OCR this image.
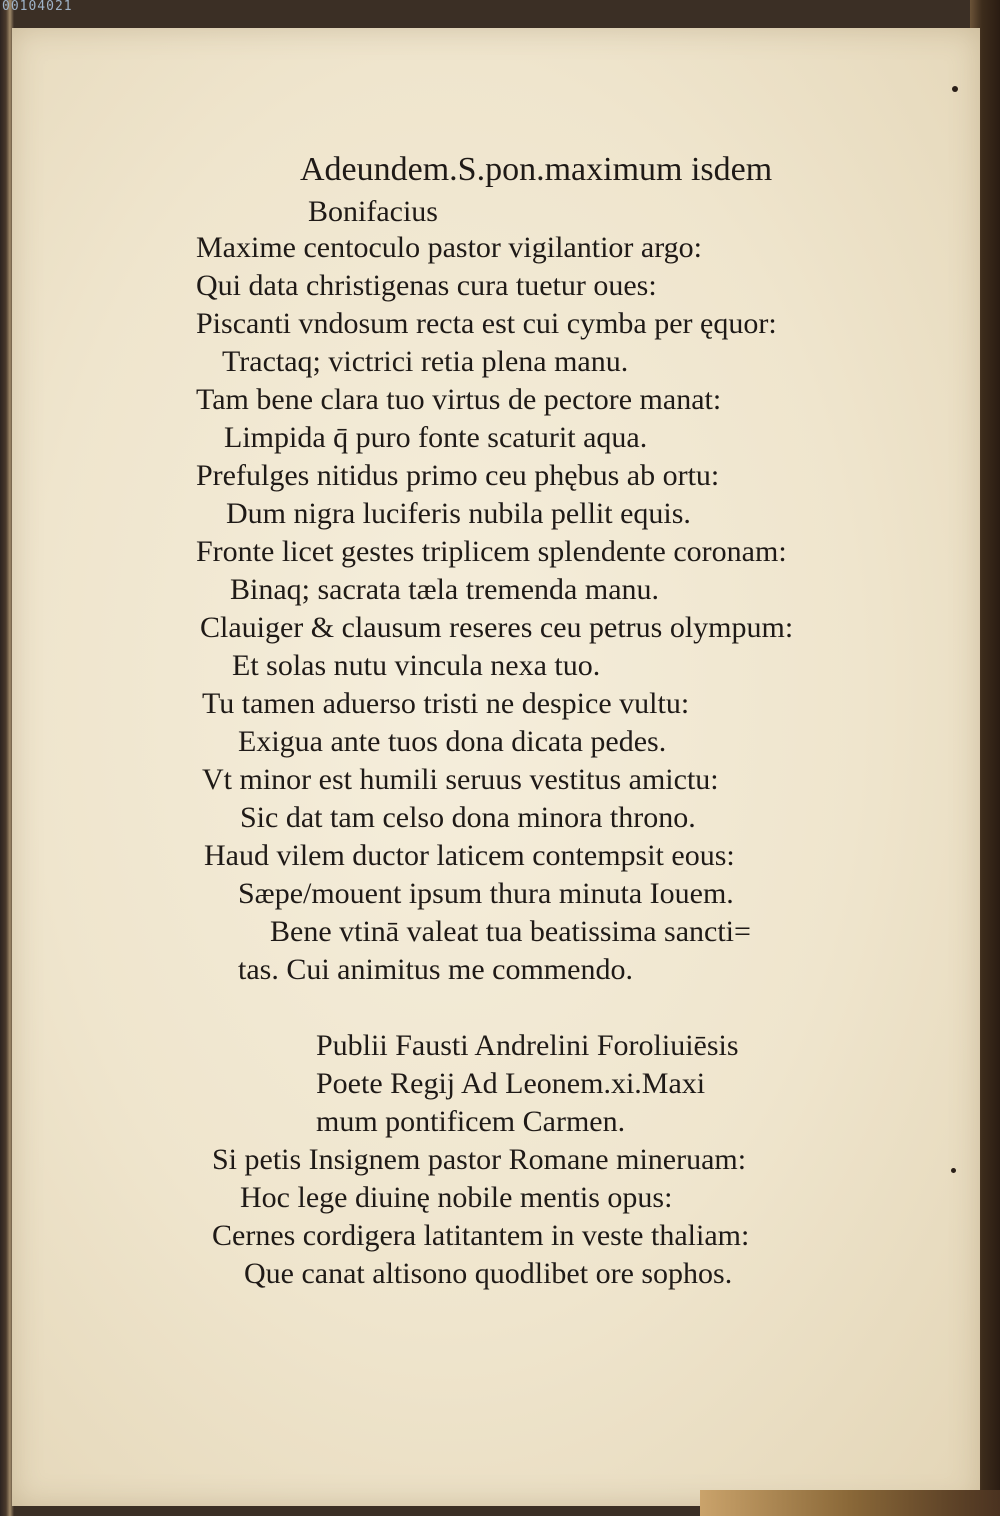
00104021
Adeundem.S.pon.maximum isdem
Bonifacius
Maxime centoculo pastor vigilantior argo:
Qui data christigenas cura tuetur oues:
Piscanti vndosum recta est cui cymba per ęquor:
Tractaq; victrici retia plena manu.
Tam bene clara tuo virtus de pectore manat:
Limpida q̄ puro fonte scaturit aqua.
Prefulges nitidus primo ceu phębus ab ortu:
Dum nigra luciferis nubila pellit equis.
Fronte licet gestes triplicem splendente coronam:
Binaq; sacrata tæla tremenda manu.
Clauiger & clausum reseres ceu petrus olympum:
Et solas nutu vincula nexa tuo.
Tu tamen aduerso tristi ne despice vultu:
Exigua ante tuos dona dicata pedes.
Vt minor est humili seruus vestitus amictu:
Sic dat tam celso dona minora throno.
Haud vilem ductor laticem contempsit eous:
Sæpe/mouent ipsum thura minuta Iouem.
Bene vtinā valeat tua beatissima sancti=
tas. Cui animitus me commendo.
Publii Fausti Andrelini Foroliuiēsis
Poete Regij Ad Leonem.xi.Maxi
mum pontificem Carmen.
Si petis Insignem pastor Romane mineruam:
Hoc lege diuinę nobile mentis opus:
Cernes cordigera latitantem in veste thaliam:
Que canat altisono quodlibet ore sophos.
